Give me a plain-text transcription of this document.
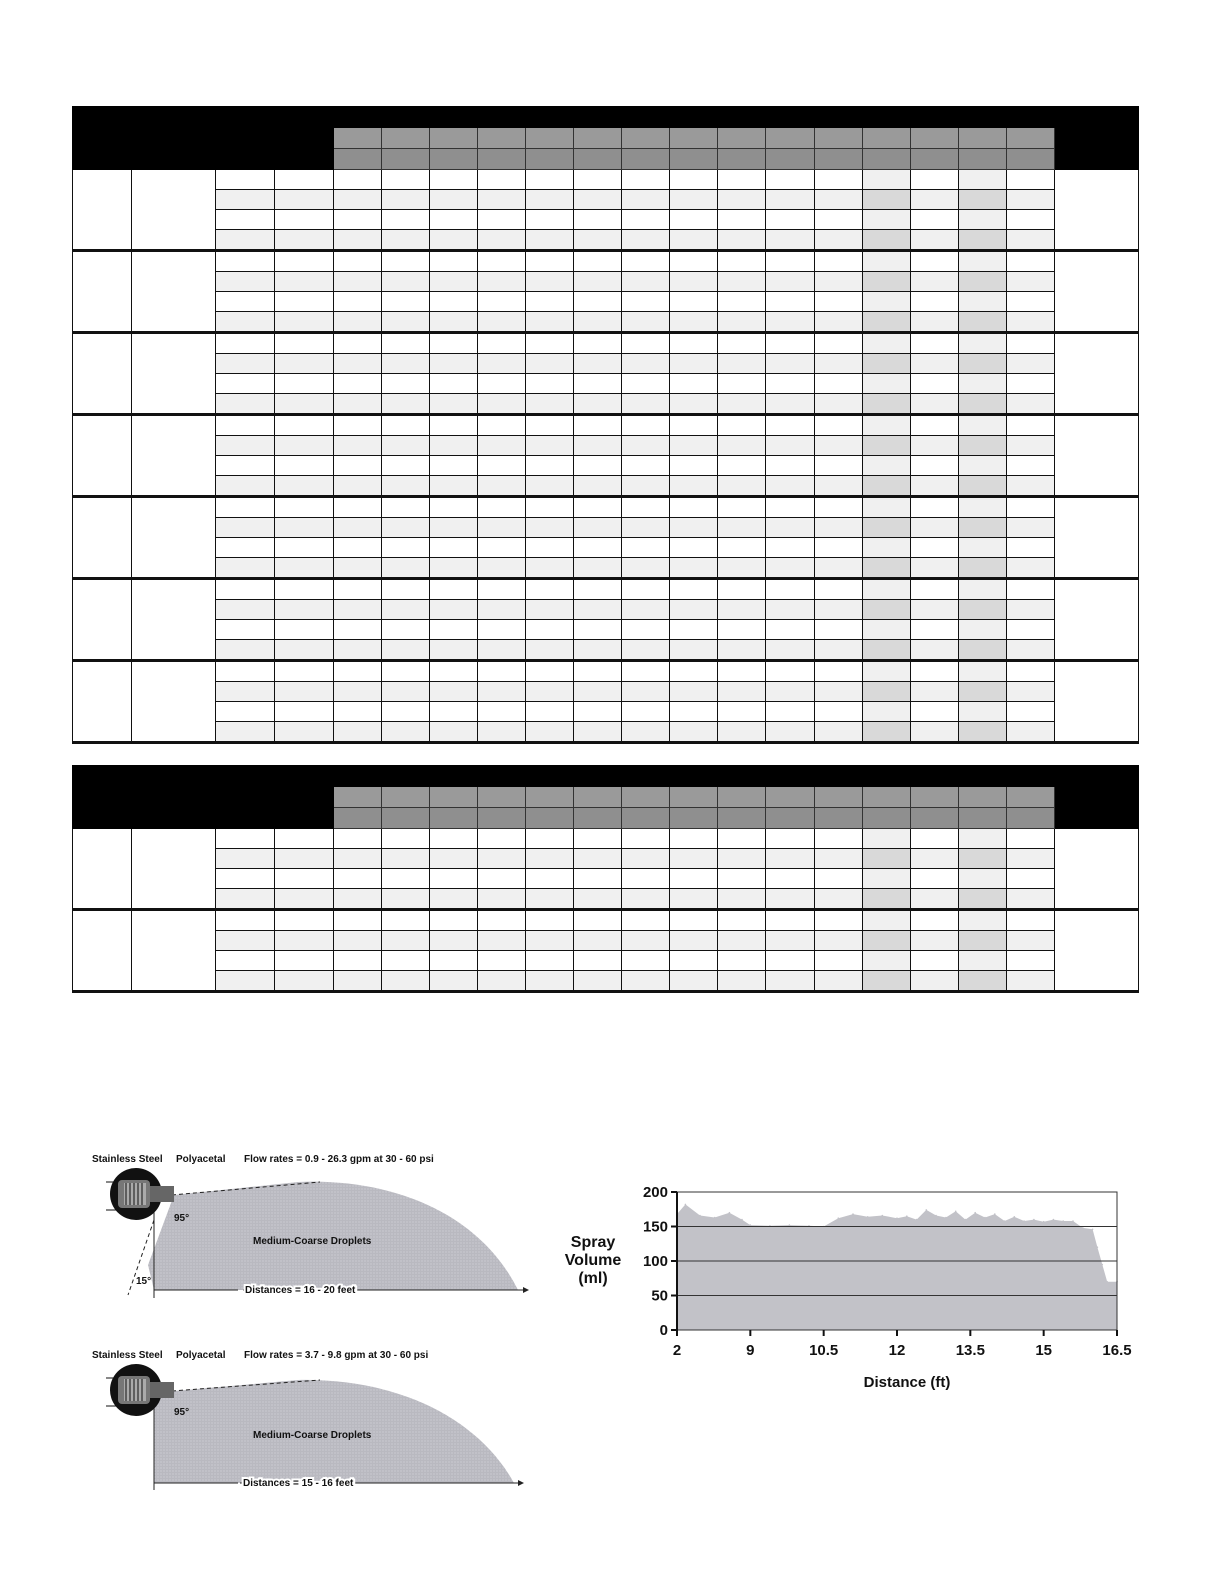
Stainless Steel Polyacetal Flow rates = 0.9 - 26.3 gpm at 30 - 60 psi
95°
15°
Medium-Coarse Droplets
Distances = 16 - 20 feet
Stainless Steel Polyacetal Flow rates = 3.7 - 9.8 gpm at 30 - 60 psi
95°
Medium-Coarse Droplets
Distances = 15 - 16 feet
200
150
100
50
0
2	9	10.5	12	13.5	15	16.5
Spray
Volume
(ml)
Distance (ft)
